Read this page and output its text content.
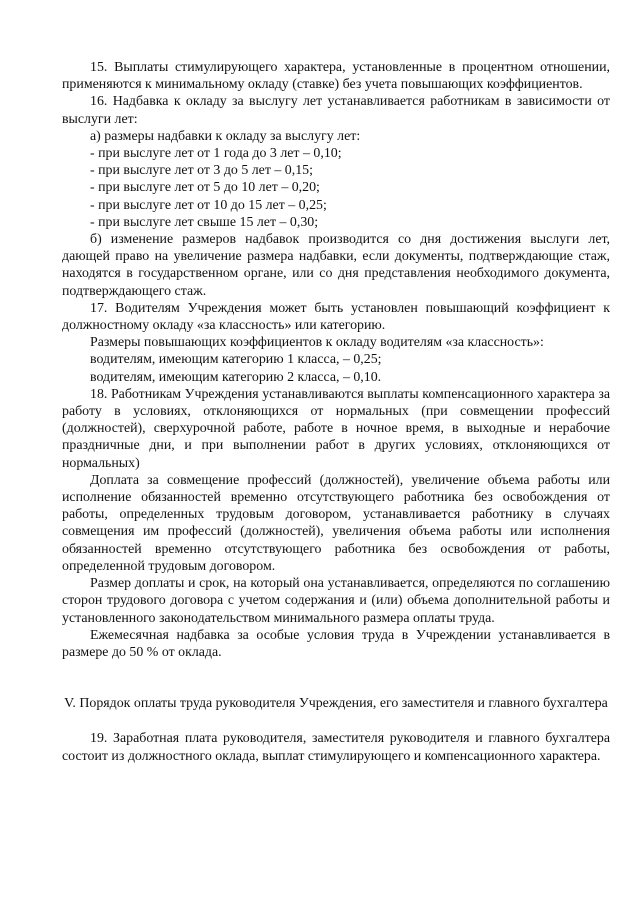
15. Выплаты стимулирующего характера, установленные в процентном отношении, применяются к минимальному окладу (ставке) без учета повышающих коэффициентов.

16. Надбавка к окладу за выслугу лет устанавливается работникам в зависимости от выслуги лет:

а) размеры надбавки к окладу за выслугу лет:

- при выслуге лет от 1 года до 3 лет – 0,10;

- при выслуге лет от 3 до 5 лет – 0,15;

- при выслуге лет от 5 до 10 лет – 0,20;

- при выслуге лет от 10 до 15 лет – 0,25;

- при выслуге лет свыше 15 лет – 0,30;

б) изменение размеров надбавок производится со дня достижения выслуги лет, дающей право на увеличение размера надбавки, если документы, подтверждающие стаж, находятся в государственном органе, или со дня представления необходимого документа, подтверждающего стаж.

17. Водителям Учреждения может быть установлен повышающий коэффициент к должностному окладу «за классность» или категорию.

Размеры повышающих коэффициентов к окладу водителям «за классность»:

водителям, имеющим категорию 1 класса, – 0,25;

водителям, имеющим категорию 2 класса, – 0,10.

18. Работникам Учреждения устанавливаются выплаты компенсационного характера за работу в условиях, отклоняющихся от нормальных (при совмещении профессий (должностей), сверхурочной работе, работе в ночное время, в выходные и нерабочие праздничные дни, и при выполнении работ в других условиях, отклоняющихся от нормальных)

Доплата за совмещение профессий (должностей), увеличение объема работы или исполнение обязанностей временно отсутствующего работника без освобождения от работы, определенных трудовым договором, устанавливается работнику в случаях совмещения им профессий (должностей), увеличения объема работы или исполнения обязанностей временно отсутствующего работника без освобождения от работы, определенной трудовым договором.

Размер доплаты и срок, на который она устанавливается, определяются по соглашению сторон трудового договора с учетом содержания и (или) объема дополнительной работы и установленного законодательством минимального размера оплаты труда.

Ежемесячная надбавка за особые условия труда в Учреждении устанавливается в размере до 50 % от оклада.

V. Порядок оплаты труда руководителя Учреждения, его заместителя и главного бухгалтера

19. Заработная плата руководителя, заместителя руководителя и главного бухгалтера состоит из должностного оклада, выплат стимулирующего и компенсационного характера.
